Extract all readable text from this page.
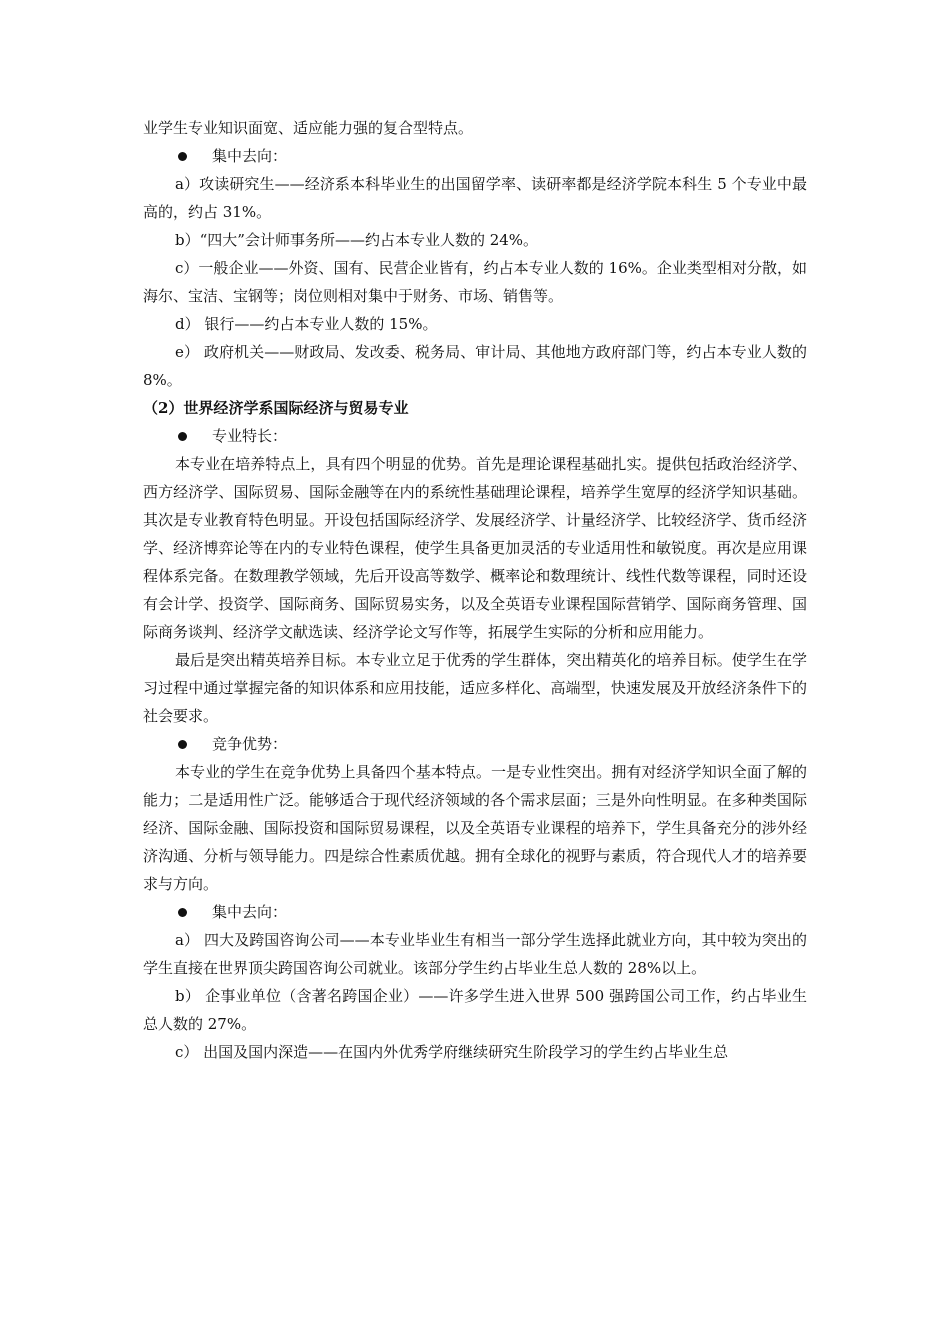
业学生专业知识面宽、适应能力强的复合型特点。

集中去向：

a）攻读研究生——经济系本科毕业生的出国留学率、读研率都是经济学院本科生 5 个专业中最高的，约占 31%。

b）“四大”会计师事务所——约占本专业人数的 24%。

c）一般企业——外资、国有、民营企业皆有，约占本专业人数的 16%。企业类型相对分散，如海尔、宝洁、宝钢等；岗位则相对集中于财务、市场、销售等。

d） 银行——约占本专业人数的 15%。

e） 政府机关——财政局、发改委、税务局、审计局、其他地方政府部门等，约占本专业人数的 8%。

（2）世界经济学系国际经济与贸易专业

专业特长：

本专业在培养特点上，具有四个明显的优势。首先是理论课程基础扎实。提供包括政治经济学、西方经济学、国际贸易、国际金融等在内的系统性基础理论课程，培养学生宽厚的经济学知识基础。其次是专业教育特色明显。开设包括国际经济学、发展经济学、计量经济学、比较经济学、货币经济学、经济博弈论等在内的专业特色课程，使学生具备更加灵活的专业适用性和敏锐度。再次是应用课程体系完备。在数理教学领域，先后开设高等数学、概率论和数理统计、线性代数等课程，同时还设有会计学、投资学、国际商务、国际贸易实务，以及全英语专业课程国际营销学、国际商务管理、国际商务谈判、经济学文献选读、经济学论文写作等，拓展学生实际的分析和应用能力。

最后是突出精英培养目标。本专业立足于优秀的学生群体，突出精英化的培养目标。使学生在学习过程中通过掌握完备的知识体系和应用技能，适应多样化、高端型，快速发展及开放经济条件下的社会要求。

竞争优势：

本专业的学生在竞争优势上具备四个基本特点。一是专业性突出。拥有对经济学知识全面了解的能力；二是适用性广泛。能够适合于现代经济领域的各个需求层面；三是外向性明显。在多种类国际经济、国际金融、国际投资和国际贸易课程，以及全英语专业课程的培养下，学生具备充分的涉外经济沟通、分析与领导能力。四是综合性素质优越。拥有全球化的视野与素质，符合现代人才的培养要求与方向。

集中去向：

a） 四大及跨国咨询公司——本专业毕业生有相当一部分学生选择此就业方向，其中较为突出的学生直接在世界顶尖跨国咨询公司就业。该部分学生约占毕业生总人数的 28%以上。

b） 企事业单位（含著名跨国企业）——许多学生进入世界 500 强跨国公司工作，约占毕业生总人数的 27%。

c） 出国及国内深造——在国内外优秀学府继续研究生阶段学习的学生约占毕业生总
